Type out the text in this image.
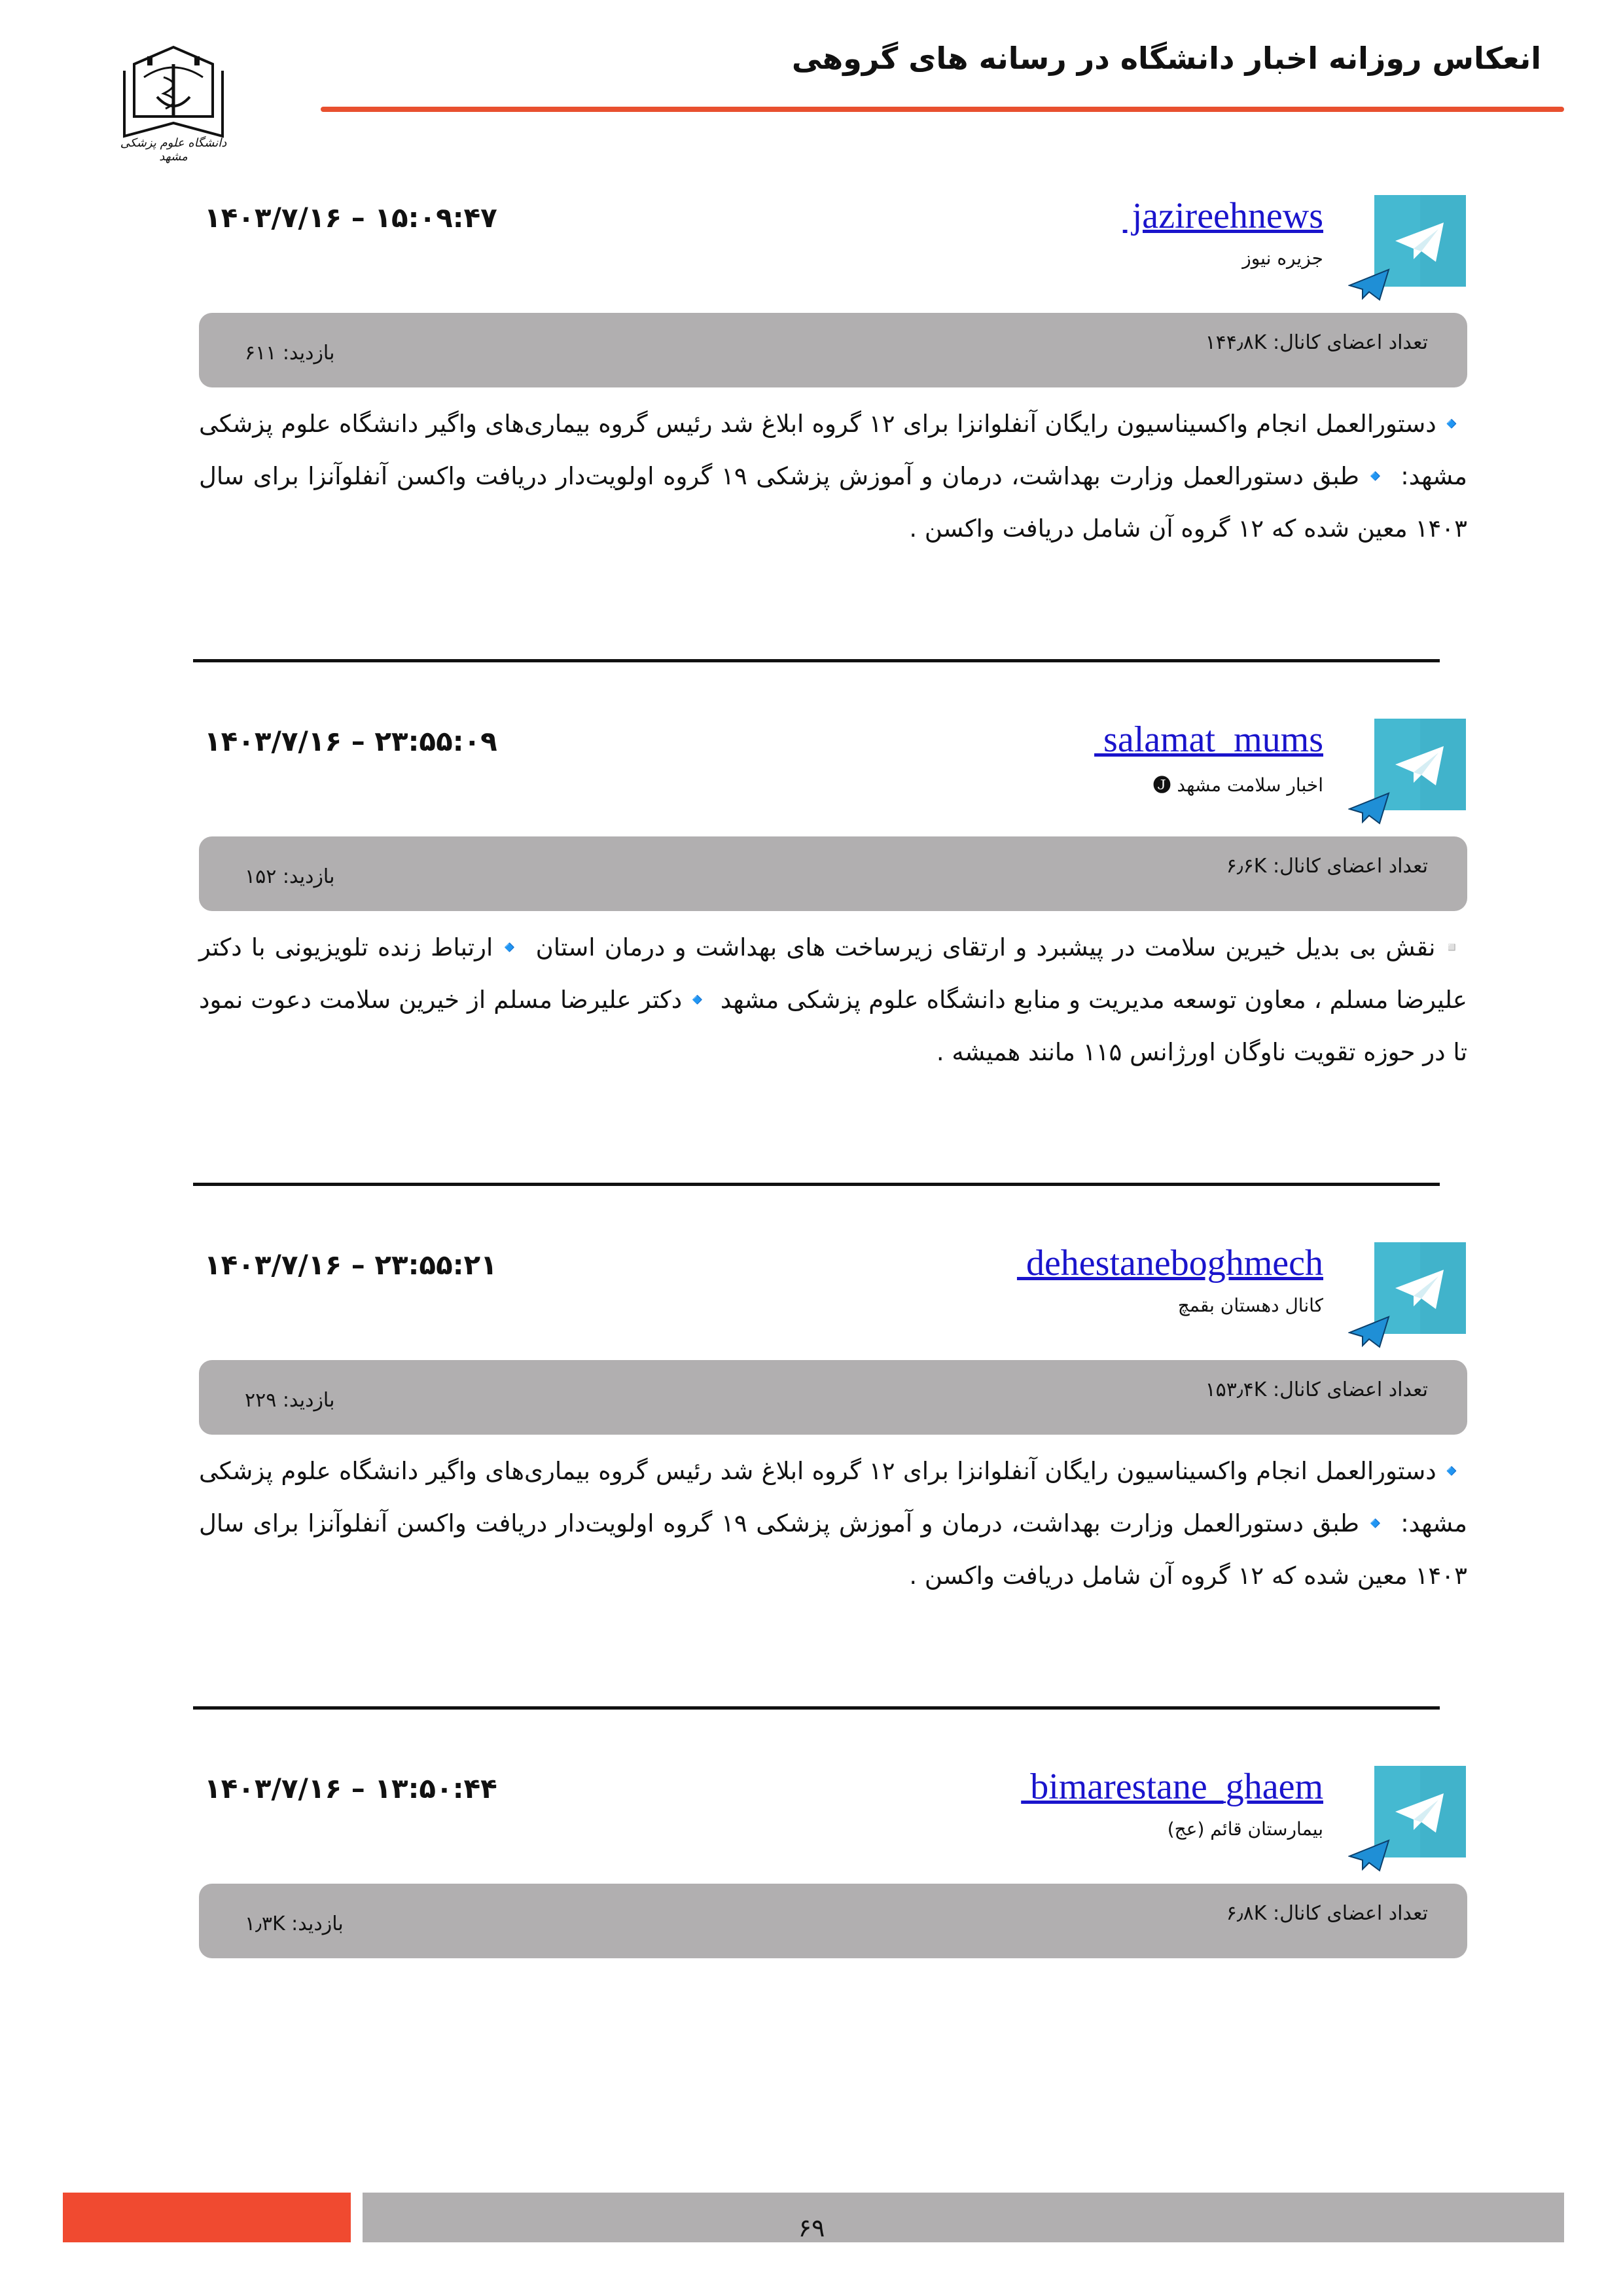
انعکاس روزانه اخبار دانشگاه در رسانه های گروهی
دانشگاه علوم پزشکی مشهد
jazireehnews
جزیره نیوز
۱۴۰۳/۷/۱۶ – ۱۵:۰۹:۴۷
تعداد اعضای کانال: ۱۴۴٫۸K
بازدید: ۶۱۱
🔹دستورالعمل انجام واکسیناسیون رایگان آنفلوانزا برای ۱۲ گروه ابلاغ شد رئیس گروه بیماری‌های واگیر دانشگاه علوم پزشکی مشهد: 🔹طبق دستورالعمل وزارت بهداشت، درمان و آموزش پزشکی ۱۹ گروه اولویت‌دار دریافت واکسن آنفلوآنزا برای سال ۱۴۰۳ معین شده که ۱۲ گروه آن شامل دریافت واکسن .
salamat_mums
اخبار سلامت مشهد 🅙
۱۴۰۳/۷/۱۶ – ۲۳:۵۵:۰۹
تعداد اعضای کانال: ۶٫۶K
بازدید: ۱۵۲
▫️نقش بی بدیل خیرین سلامت در پیشبرد و ارتقای زیرساخت های بهداشت و درمان استان 🔹ارتباط زنده تلویزیونی با دکتر علیرضا مسلم ، معاون توسعه مدیریت و منابع دانشگاه علوم پزشکی مشهد 🔹دکتر علیرضا مسلم از خیرین سلامت دعوت نمود تا در حوزه تقویت ناوگان اورژانس ۱۱۵ مانند همیشه .
dehestaneboghmech
کانال دهستان بقمچ
۱۴۰۳/۷/۱۶ – ۲۳:۵۵:۲۱
تعداد اعضای کانال: ۱۵۳٫۴K
بازدید: ۲۲۹
🔹دستورالعمل انجام واکسیناسیون رایگان آنفلوانزا برای ۱۲ گروه ابلاغ شد رئیس گروه بیماری‌های واگیر دانشگاه علوم پزشکی مشهد: 🔹طبق دستورالعمل وزارت بهداشت، درمان و آموزش پزشکی ۱۹ گروه اولویت‌دار دریافت واکسن آنفلوآنزا برای سال ۱۴۰۳ معین شده که ۱۲ گروه آن شامل دریافت واکسن .
bimarestane_ghaem
بیمارستان قائم (عج)
۱۴۰۳/۷/۱۶ – ۱۳:۵۰:۴۴
تعداد اعضای کانال: ۶٫۸K
بازدید: ۱٫۳K
۶۹
